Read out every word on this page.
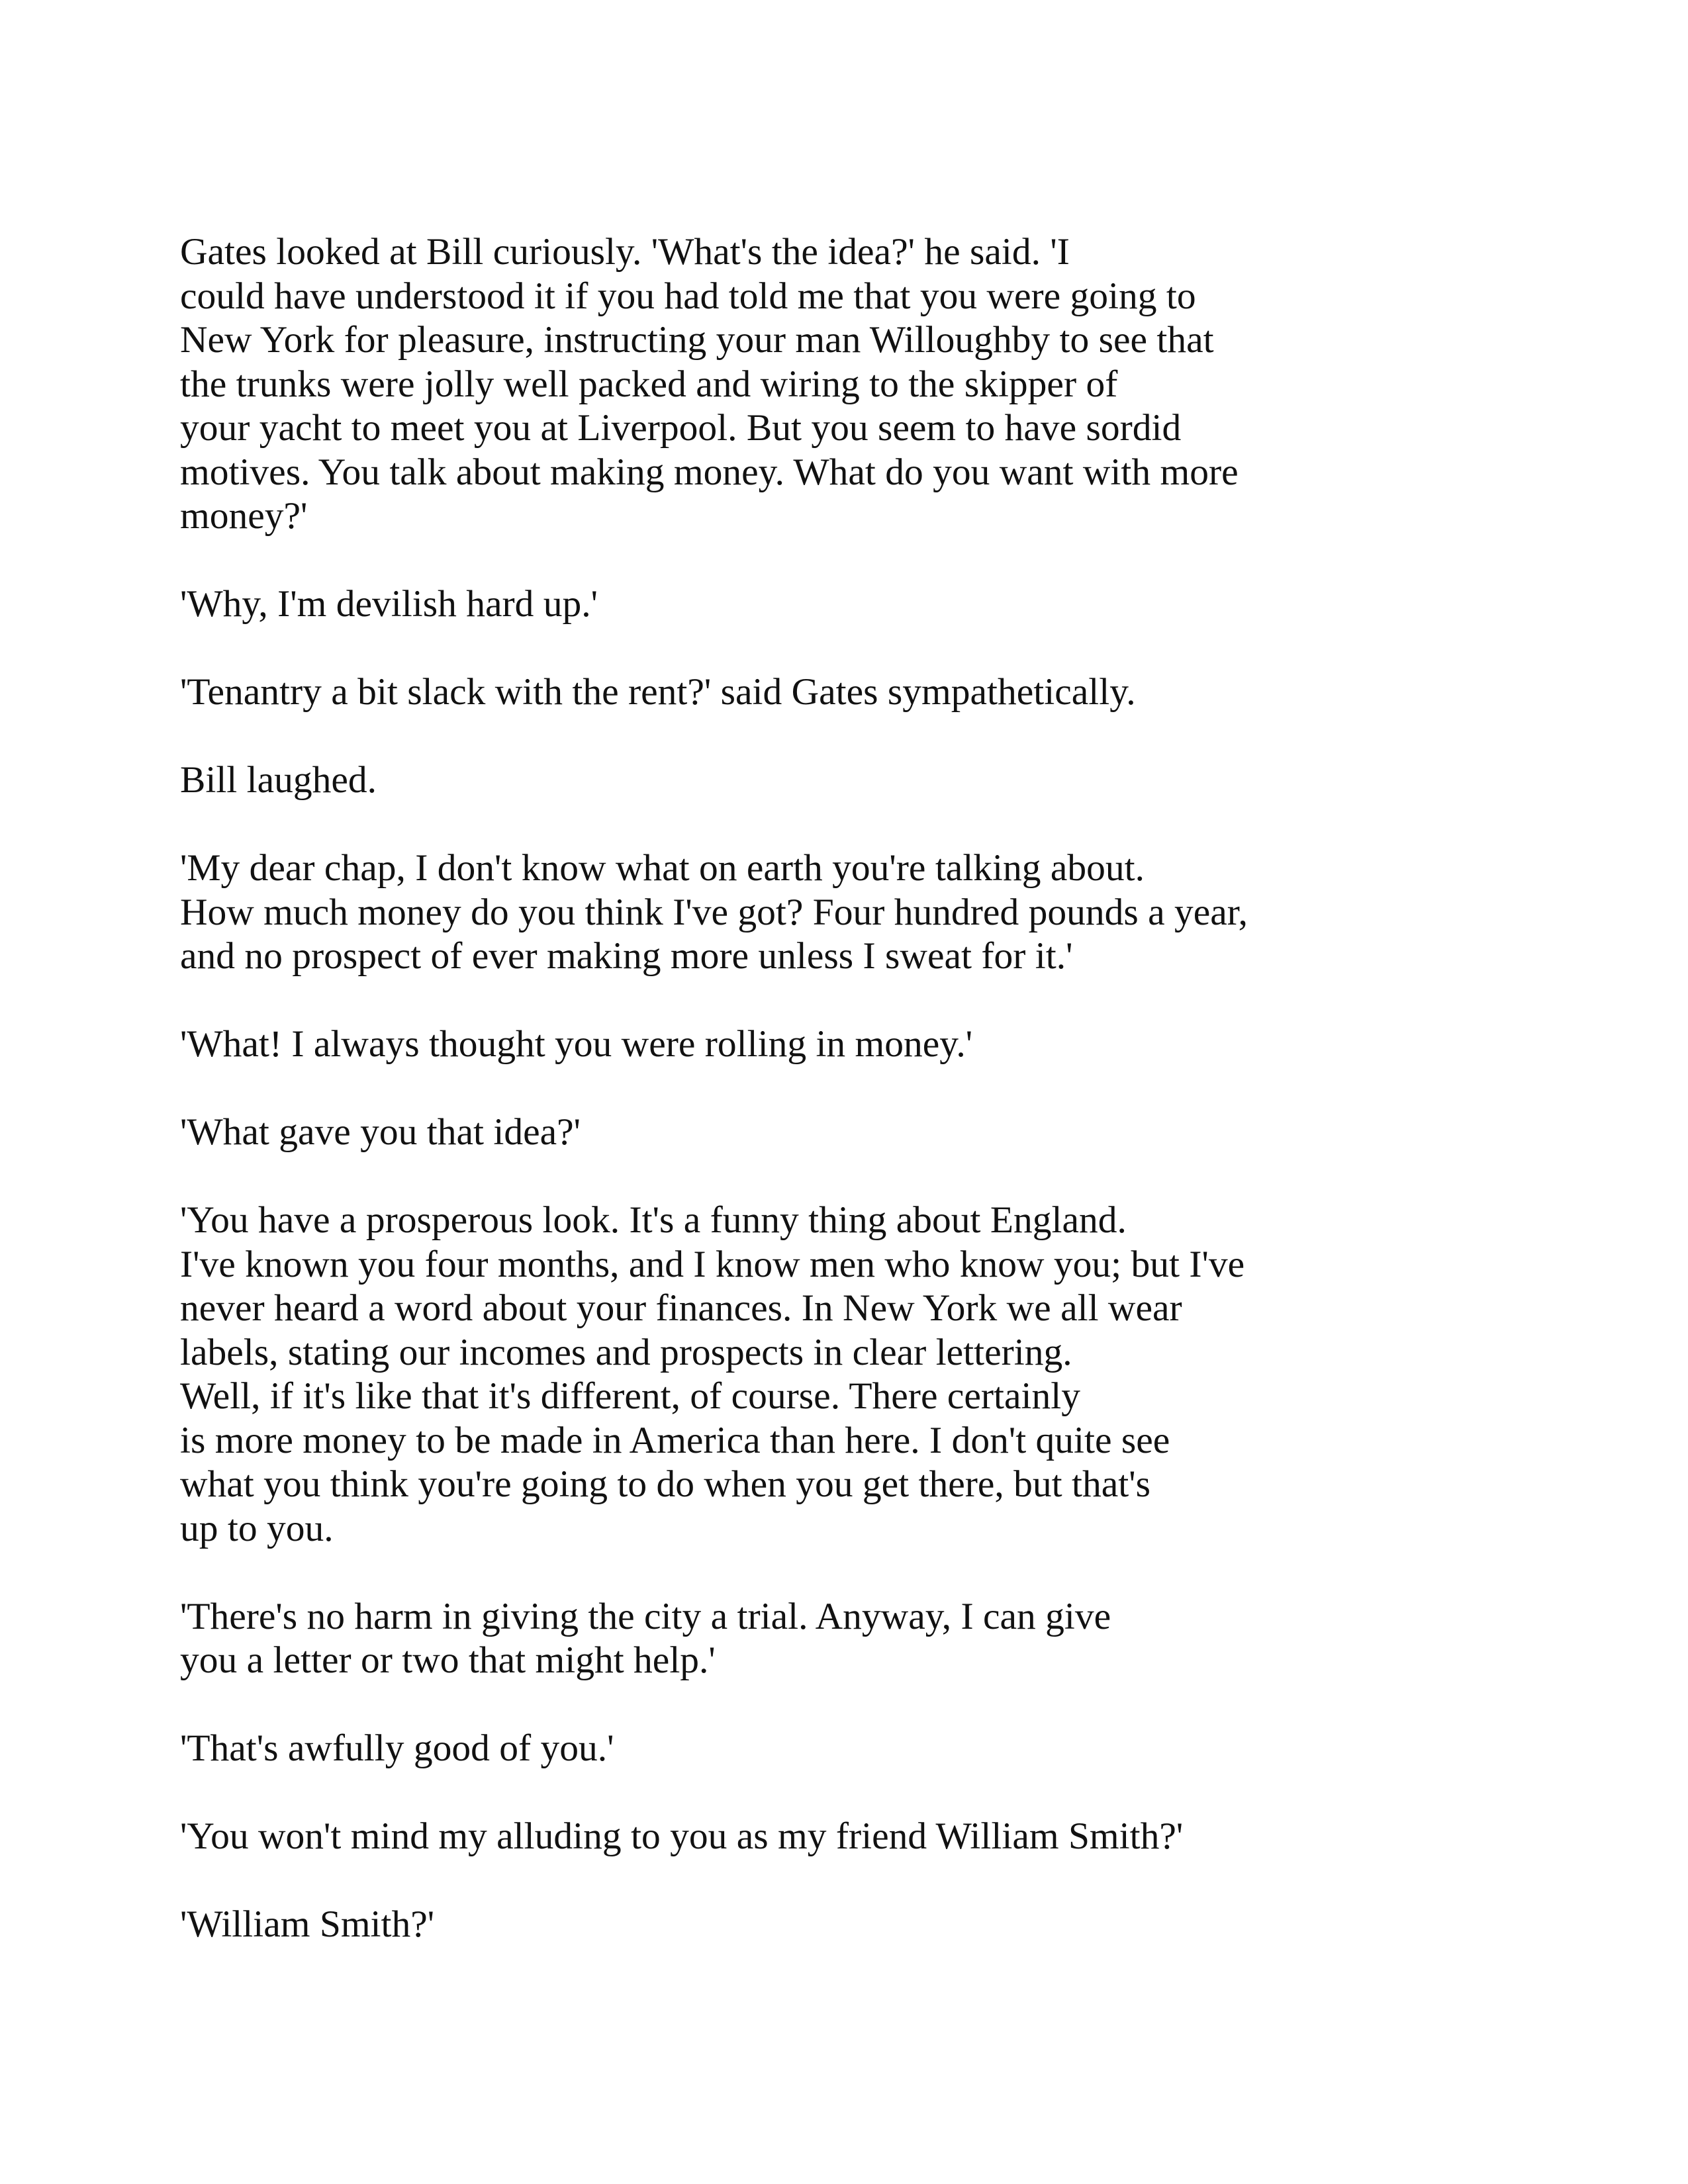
Gates looked at Bill curiously. 'What's the idea?' he said. 'I
could have understood it if you had told me that you were going to
New York for pleasure, instructing your man Willoughby to see that
the trunks were jolly well packed and wiring to the skipper of
your yacht to meet you at Liverpool. But you seem to have sordid
motives. You talk about making money. What do you want with more
money?'

'Why, I'm devilish hard up.'

'Tenantry a bit slack with the rent?' said Gates sympathetically.

Bill laughed.

'My dear chap, I don't know what on earth you're talking about.
How much money do you think I've got? Four hundred pounds a year,
and no prospect of ever making more unless I sweat for it.'

'What! I always thought you were rolling in money.'

'What gave you that idea?'

'You have a prosperous look. It's a funny thing about England.
I've known you four months, and I know men who know you; but I've
never heard a word about your finances. In New York we all wear
labels, stating our incomes and prospects in clear lettering.
Well, if it's like that it's different, of course. There certainly
is more money to be made in America than here. I don't quite see
what you think you're going to do when you get there, but that's
up to you.

'There's no harm in giving the city a trial. Anyway, I can give
you a letter or two that might help.'

'That's awfully good of you.'

'You won't mind my alluding to you as my friend William Smith?'

'William Smith?'
